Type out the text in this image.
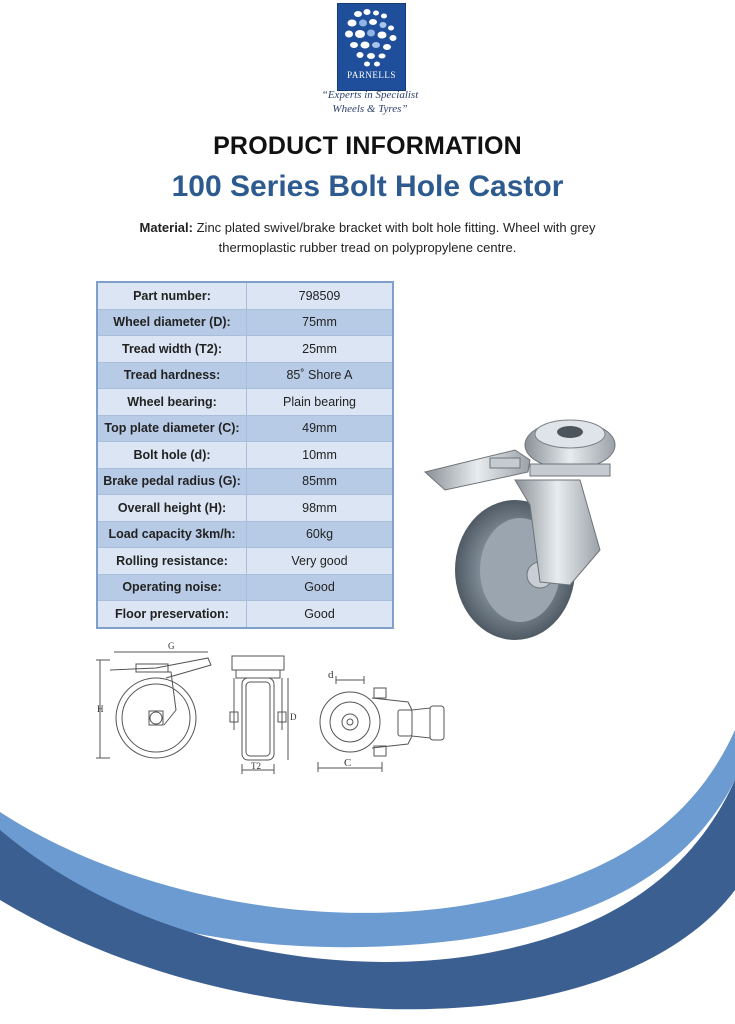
PARNELLS
“Experts in Specialist
Wheels & Tyres”
PRODUCT INFORMATION
100 Series Bolt Hole Castor
Material: Zinc plated swivel/brake bracket with bolt hole fitting. Wheel with grey thermoplastic rubber tread on polypropylene centre.
Part number:	798509
Wheel diameter (D):	75mm
Tread width (T2):	25mm
Tread hardness:	85˚ Shore A
Wheel bearing:	Plain bearing
Top plate diameter (C):	49mm
Bolt hole (d):	10mm
Brake pedal radius (G):	85mm
Overall height (H):	98mm
Load capacity 3km/h:	60kg
Rolling resistance:	Very good
Operating noise:	Good
Floor preservation:	Good
G
H
D
T2
d
C
